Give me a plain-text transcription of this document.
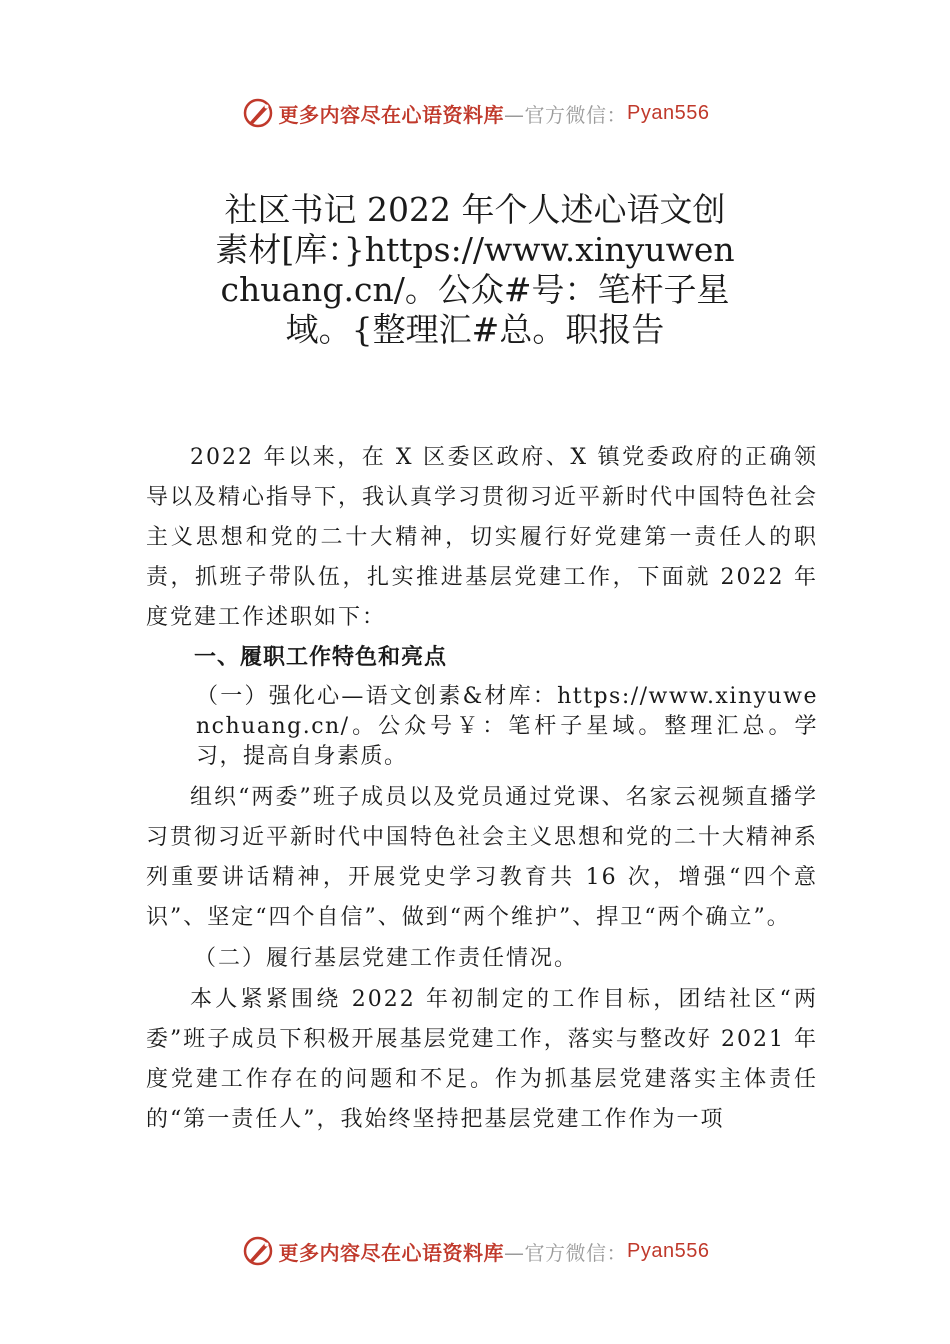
更多内容尽在心语资料库 —官方微信： Pyan556
社区书记 2022 年个人述心语文创素材[库：}https://www.xinyuwenchuang.cn/。公众#号：笔杆子星域。{整理汇#总。职报告

2022 年以来，在 X 区委区政府、X 镇党委政府的正确领导以及精心指导下，我认真学习贯彻习近平新时代中国特色社会主义思想和党的二十大精神，切实履行好党建第一责任人的职责，抓班子带队伍，扎实推进基层党建工作，下面就 2022 年度党建工作述职如下：

一、履职工作特色和亮点

（一）强化心—语文创素&材库：https://www.xinyuwenchuang.cn/。公众号￥：笔杆子星域。整理汇总。学习，提高自身素质。

组织“两委”班子成员以及党员通过党课、名家云视频直播学习贯彻习近平新时代中国特色社会主义思想和党的二十大精神系列重要讲话精神，开展党史学习教育共 16 次，增强“四个意识”、坚定“四个自信”、做到“两个维护”、捍卫“两个确立”。

（二）履行基层党建工作责任情况。

本人紧紧围绕 2022 年初制定的工作目标，团结社区“两委”班子成员下积极开展基层党建工作，落实与整改好 2021 年度党建工作存在的问题和不足。作为抓基层党建落实主体责任的“第一责任人”，我始终坚持把基层党建工作作为一项

更多内容尽在心语资料库 —官方微信： Pyan556
